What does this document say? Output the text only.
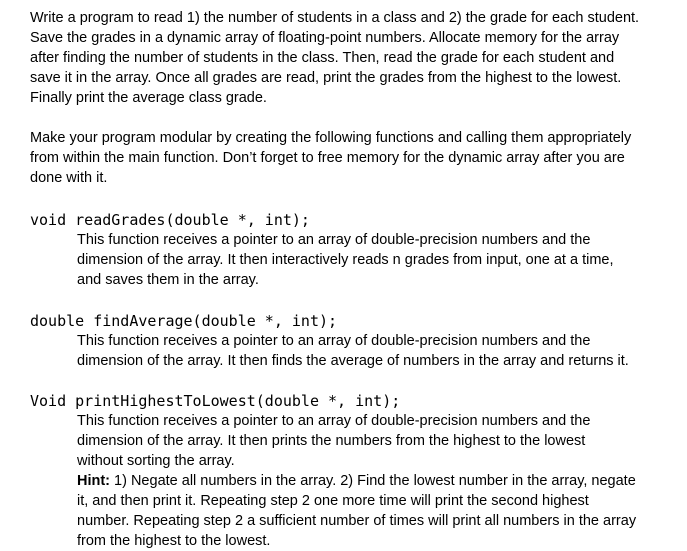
Write a program to read 1) the number of students in a class and 2) the grade for each student.
Save the grades in a dynamic array of floating-point numbers. Allocate memory for the array
after finding the number of students in the class. Then, read the grade for each student and
save it in the array. Once all grades are read, print the grades from the highest to the lowest.
Finally print the average class grade.

Make your program modular by creating the following functions and calling them appropriately
from within the main function. Don’t forget to free memory for the dynamic array after you are
done with it.

void readGrades(double *, int);

This function receives a pointer to an array of double-precision numbers and the
dimension of the array. It then interactively reads n grades from input, one at a time,
and saves them in the array.

double findAverage(double *, int);

This function receives a pointer to an array of double-precision numbers and the
dimension of the array. It then finds the average of numbers in the array and returns it.

Void printHighestToLowest(double *, int);

This function receives a pointer to an array of double-precision numbers and the
dimension of the array. It then prints the numbers from the highest to the lowest
without sorting the array.

Hint: 1) Negate all numbers in the array. 2) Find the lowest number in the array, negate
it, and then print it. Repeating step 2 one more time will print the second highest
number. Repeating step 2 a sufficient number of times will print all numbers in the array
from the highest to the lowest.
